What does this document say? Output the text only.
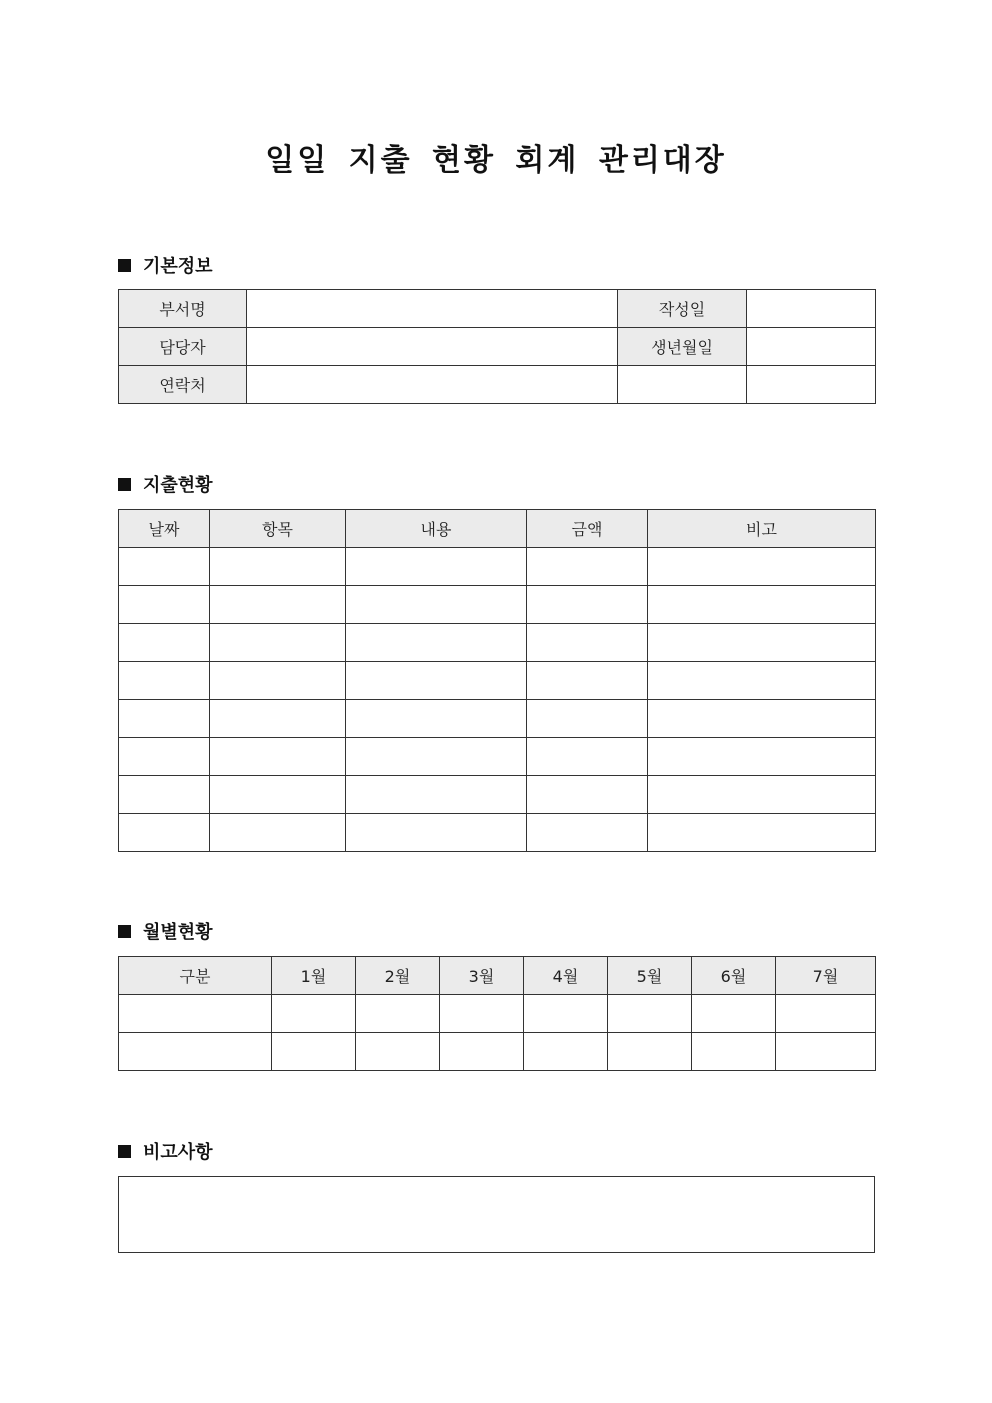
일일 지출 현황 회계 관리대장
기본정보
부서명		작성일	
담당자		생년월일	
연락처			
지출현황
날짜	항목	내용	금액	비고

월별현황
구분	1월	2월	3월	4월	5월	6월	7월

비고사항
